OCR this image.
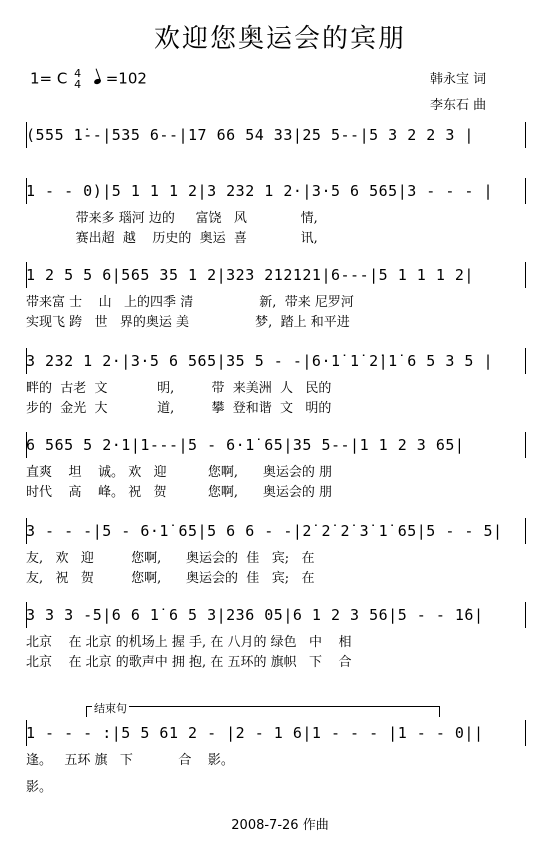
欢迎您奥运会的宾朋
1= C 4
4 =102	韩永宝 词
李东石 曲
(555 1̇--|535 6--|17 66 54 33|25 5--|5 3 2 2 3 |
1 - - 0)|5 1 1 1 2|3 232 1 2·|3·5 6 565|3 - - - |
带来多 瑙河 边的     富饶   风             情,
赛出超  越    历史的  奥运  喜             讯,
1 2 5 5 6|565 35 1 2|323 212121|6---|5 1 1 1 2|
带来富 士    山   上的四季 清                新,  带来 尼罗河
实现飞 跨   世   界的奥运 美                梦,  踏上 和平进
3 232 1 2·|3·5 6 565|35 5 - -|6·1̇ 1̇ 2̇|1̇ 6 5 3 5 |
畔的  古老  文            明,         带  来美洲  人   民的
步的  金光  大            道,         攀  登和谐  文   明的
6 565 5 2·1|1---|5 - 6·1̇ 65|35 5--|1 1 2 3 65|
直爽    坦    诚。 欢   迎          您啊,      奥运会的 朋
时代    高    峰。 祝   贺          您啊,      奥运会的 朋
3 - - -|5 - 6·1̇ 65|5 6 6 - -|2̇ 2̇ 2̇ 3̇ 1̇ 65|5 - - 5|
友,   欢   迎         您啊,      奥运会的  佳   宾;   在
友,   祝   贺         您啊,      奥运会的  佳   宾;   在
3 3 3 -5|6 6 1̇ 6 5 3|236 05|6 1 2 3 56|5 - - 1̇6|
北京    在 北京 的机场上 握 手, 在 八月的 绿色   中    相
北京    在 北京 的歌声中 拥 抱, 在 五环的 旗帜   下    合
结束句
1 - - - :|5 5 61 2 - |2 - 1 6|1 - - - |1 - - 0||
逢。   五环 旗   下           合    影。
影。
2008-7-26 作曲
